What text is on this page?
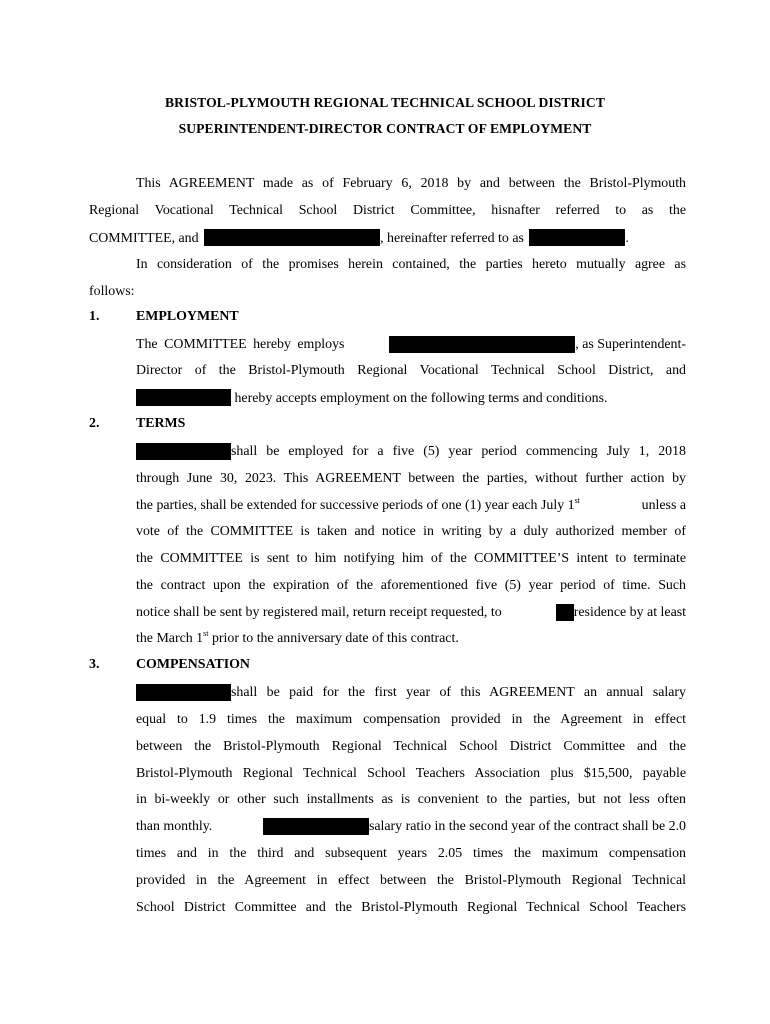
BRISTOL-PLYMOUTH REGIONAL TECHNICAL SCHOOL DISTRICT
SUPERINTENDENT-DIRECTOR CONTRACT OF EMPLOYMENT
This AGREEMENT made as of February 6, 2018 by and between the Bristol-Plymouth
Regional Vocational Technical School District Committee, hisnafter referred to as the
COMMITTEE, and	, hereinafter referred to as	.
In consideration of the promises herein contained, the parties hereto mutually agree as
follows:
1.	EMPLOYMENT
The COMMITTEE hereby employs	, as Superintendent-
Director of the Bristol-Plymouth Regional Vocational Technical School District, and
hereby accepts employment on the following terms and conditions.
2.	TERMS
shall be employed for a five (5) year period commencing July 1, 2018
through June 30, 2023. This AGREEMENT between the parties, without further action by
the parties, shall be extended for successive periods of one (1) year each July 1st	unless a
vote of the COMMITTEE is taken and notice in writing by a duly authorized member of
the COMMITTEE is sent to him notifying him of the COMMITTEE’S intent to terminate
the contract upon the expiration of the aforementioned five (5) year period of time. Such
notice shall be sent by registered mail, return receipt requested, to	residence by at least
the March 1st prior to the anniversary date of this contract.
3.	COMPENSATION
shall be paid for the first year of this AGREEMENT an annual salary
equal to 1.9 times the maximum compensation provided in the Agreement in effect
between the Bristol-Plymouth Regional Technical School District Committee and the
Bristol-Plymouth Regional Technical School Teachers Association plus $15,500, payable
in bi-weekly or other such installments as is convenient to the parties, but not less often
than monthly.	salary ratio in the second year of the contract shall be 2.0
times and in the third and subsequent years 2.05 times the maximum compensation
provided in the Agreement in effect between the Bristol-Plymouth Regional Technical
School District Committee and the Bristol-Plymouth Regional Technical School Teachers
